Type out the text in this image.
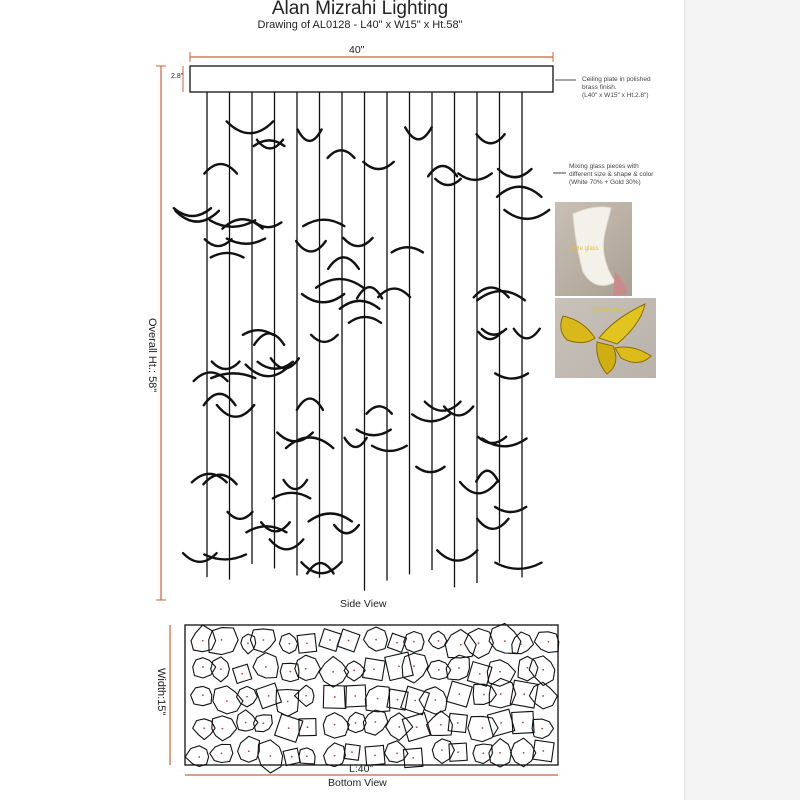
Alan Mizrahi Lighting
Drawing of AL0128 - L40" x W15" x Ht.58"
40"
2.8"
Overall Ht.: 58"
Side View
Ceiling plate in polished
brass finish.
(L40" x W15" x Ht.2.8")
Mixing glass pieces with
different size & shape & color
(White 70% + Gold 30%)
white glass
golden glass
Width:15"
L:40"
Bottom View
